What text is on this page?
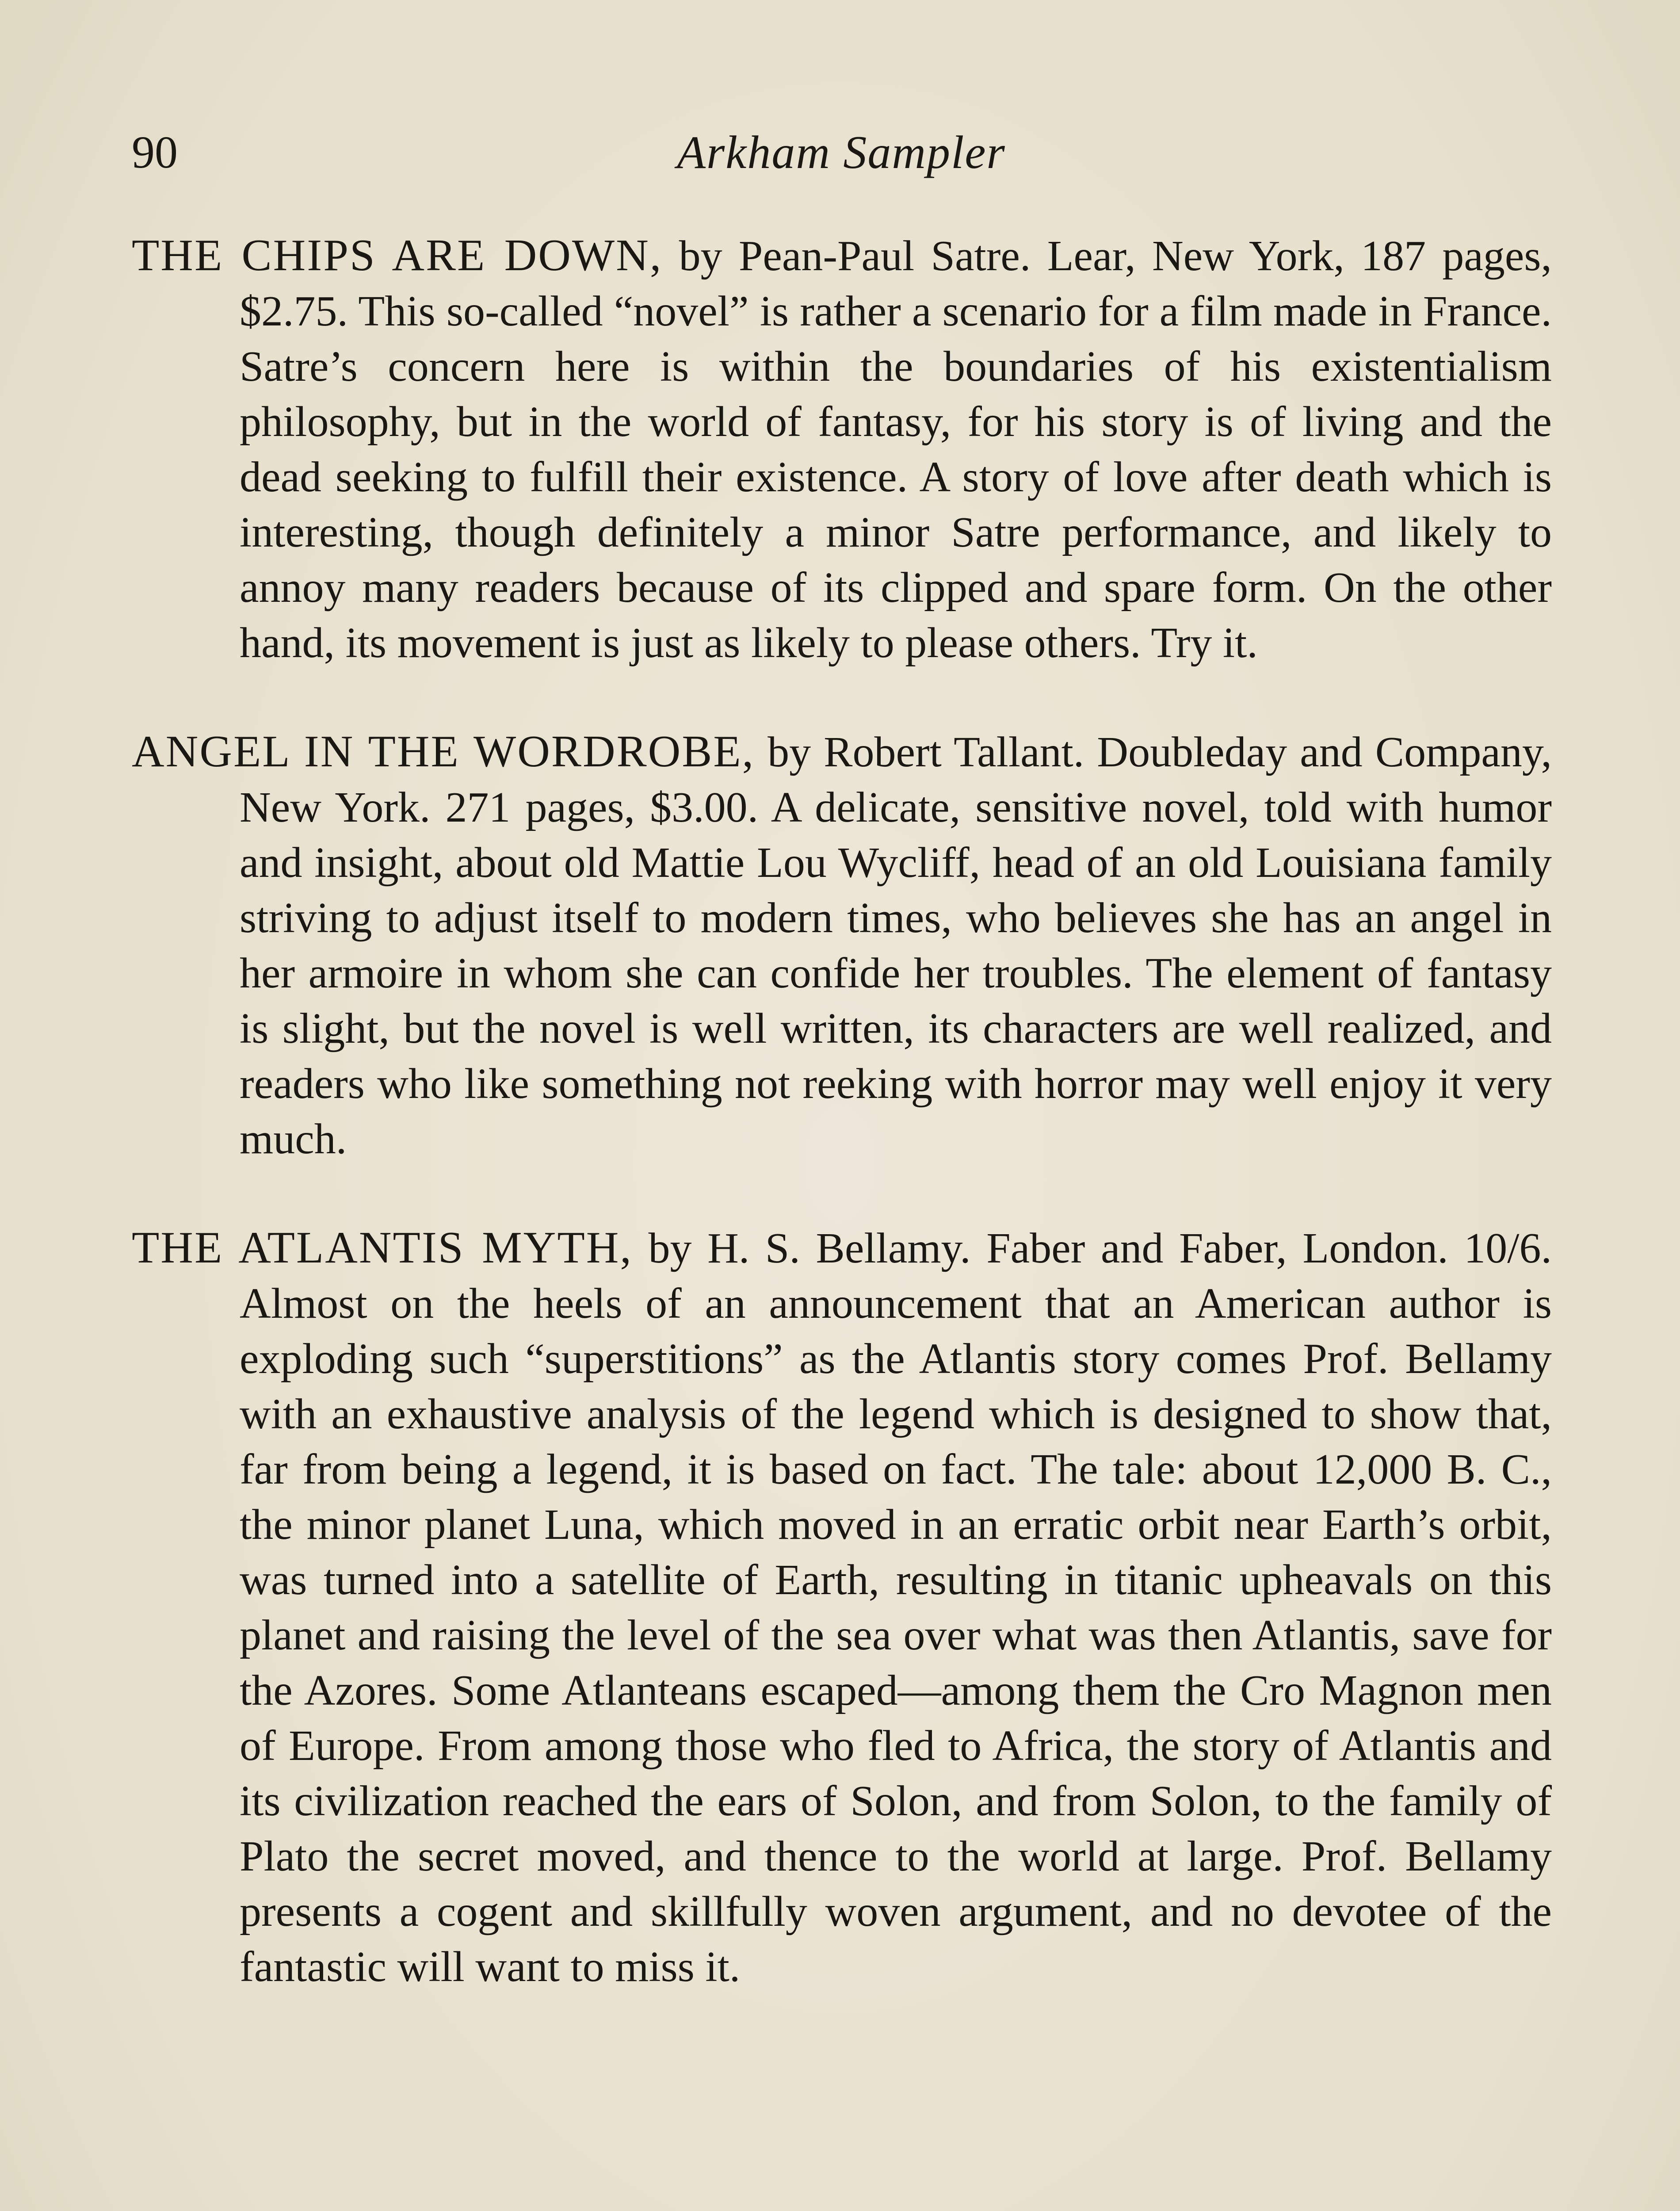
Arkham Sampler
90

THE CHIPS ARE DOWN, by Pean-Paul Satre. Lear, New York, 187 pages, $2.75. This so-called “novel” is rather a scenario for a film made in France. Satre’s concern here is within the boundaries of his existentialism philosophy, but in the world of fantasy, for his story is of living and the dead seeking to fulfill their existence. A story of love after death which is interesting, though definitely a minor Satre performance, and likely to annoy many readers because of its clipped and spare form. On the other hand, its movement is just as likely to please others. Try it.

ANGEL IN THE WORDROBE, by Robert Tallant. Doubleday and Company, New York. 271 pages, $3.00. A delicate, sensitive novel, told with humor and insight, about old Mattie Lou Wycliff, head of an old Louisiana family striving to adjust itself to modern times, who believes she has an angel in her armoire in whom she can confide her troubles. The element of fantasy is slight, but the novel is well written, its characters are well realized, and readers who like something not reeking with horror may well enjoy it very much.

THE ATLANTIS MYTH, by H. S. Bellamy. Faber and Faber, London. 10/6. Almost on the heels of an announcement that an American author is exploding such “superstitions” as the Atlantis story comes Prof. Bellamy with an exhaustive analysis of the legend which is designed to show that, far from being a legend, it is based on fact. The tale: about 12,000 B. C., the minor planet Luna, which moved in an erratic orbit near Earth’s orbit, was turned into a satellite of Earth, resulting in titanic upheavals on this planet and raising the level of the sea over what was then Atlantis, save for the Azores. Some Atlanteans escaped—among them the Cro Magnon men of Europe. From among those who fled to Africa, the story of Atlantis and its civilization reached the ears of Solon, and from Solon, to the family of Plato the secret moved, and thence to the world at large. Prof. Bellamy presents a cogent and skillfully woven argument, and no devotee of the fantastic will want to miss it.
